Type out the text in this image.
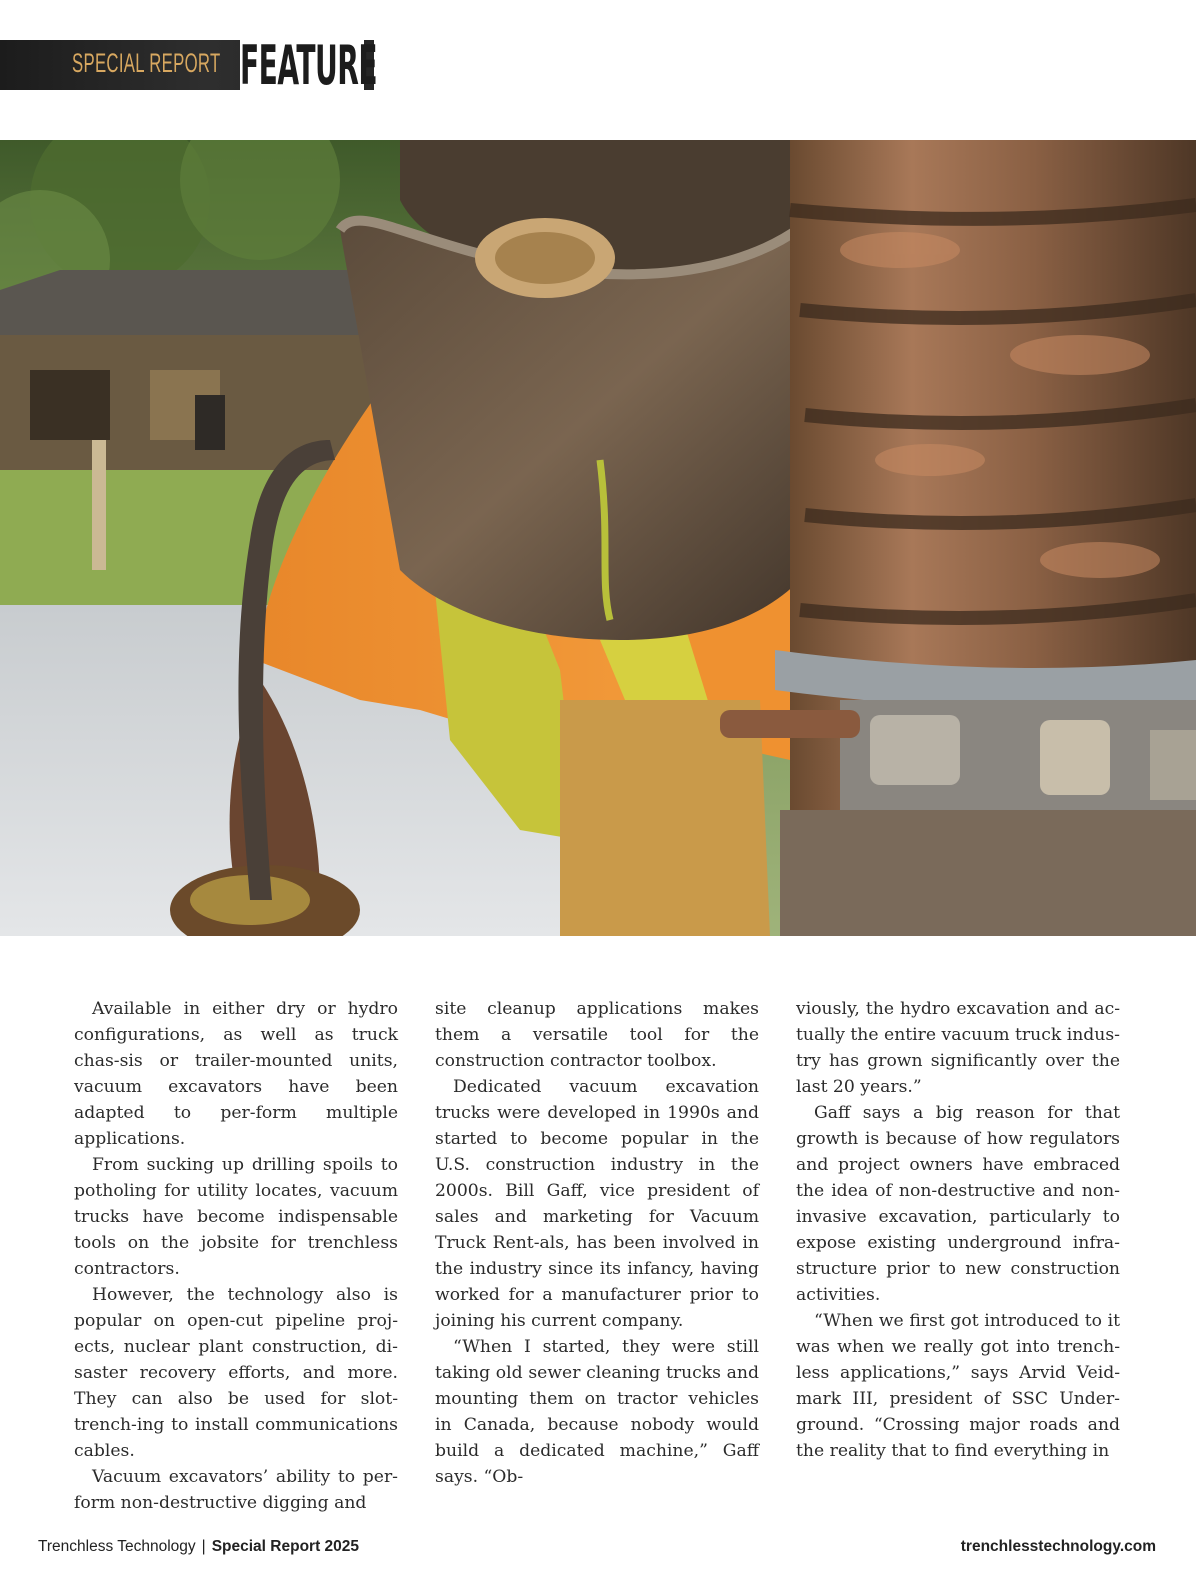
SPECIAL REPORT FEATURE

Available in either dry or hydro configurations, as well as truck chas-sis or trailer-mounted units, vacuum excavators have been adapted to per-form multiple applications.

From sucking up drilling spoils to potholing for utility locates, vacuum trucks have become indispensable tools on the jobsite for trenchless contractors.

However, the technology also is popular on open-cut pipeline proj-ects, nuclear plant construction, di-saster recovery efforts, and more. They can also be used for slot-trench-ing to install communications cables.

Vacuum excavators’ ability to per-form non-destructive digging and

site cleanup applications makes them a versatile tool for the construction contractor toolbox.

Dedicated vacuum excavation trucks were developed in 1990s and started to become popular in the U.S. construction industry in the 2000s. Bill Gaff, vice president of sales and marketing for Vacuum Truck Rent-als, has been involved in the industry since its infancy, having worked for a manufacturer prior to joining his current company.

“When I started, they were still taking old sewer cleaning trucks and mounting them on tractor vehicles in Canada, because nobody would build a dedicated machine,” Gaff says. “Ob-

viously, the hydro excavation and ac-tually the entire vacuum truck indus-try has grown significantly over the last 20 years.”

Gaff says a big reason for that growth is because of how regulators and project owners have embraced the idea of non-destructive and non-invasive excavation, particularly to expose existing underground infra-structure prior to new construction activities.

“When we first got introduced to it was when we really got into trench-less applications,” says Arvid Veid-mark III, president of SSC Under-ground. “Crossing major roads and the reality that to find everything in

Trenchless Technology | Special Report 2025	trenchlesstechnology.com
